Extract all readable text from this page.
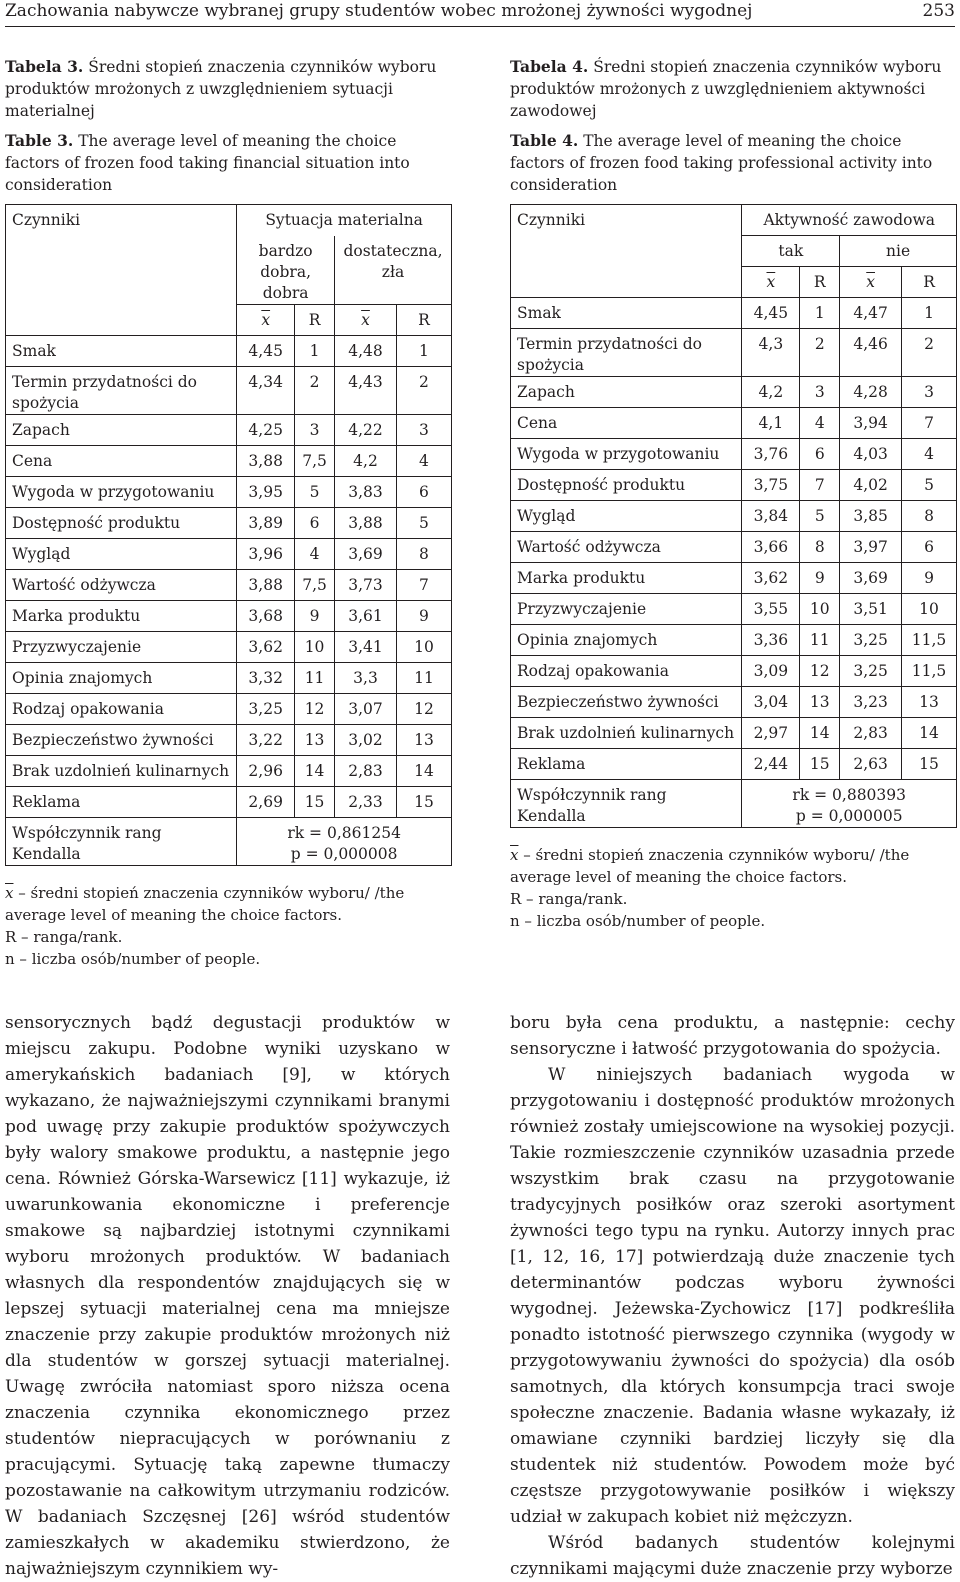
Zachowania nabywcze wybranej grupy studentów wobec mrożonej żywności wygodnej	253

Tabela 3. Średni stopień znaczenia czynników wyboru produktów mrożonych z uwzględnieniem sytuacji materialnej

Table 3. The average level of meaning the choice factors of frozen food taking financial situation into consideration

Czynniki	Sytuacja materialna			
	bardzo dobra, dobra		dostateczna, zła	
	$\overline{x}$	R	$\overline{x}$	R
Smak	4,45	1	4,48	1
Termin przydatności do spożycia	4,34	2	4,43	2
Zapach	4,25	3	4,22	3
Cena	3,88	7,5	4,2	4
Wygoda w przygotowaniu	3,95	5	3,83	6
Dostępność produktu	3,89	6	3,88	5
Wygląd	3,96	4	3,69	8
Wartość odżywcza	3,88	7,5	3,73	7
Marka produktu	3,68	9	3,61	9
Przyzwyczajenie	3,62	10	3,41	10
Opinia znajomych	3,32	11	3,3	11
Rodzaj opakowania	3,25	12	3,07	12
Bezpieczeństwo żywności	3,22	13	3,02	13
Brak uzdolnień kulinarnych	2,96	14	2,83	14
Reklama	2,69	15	2,33	15
Współczynnik rang Kendalla	rk = 0,861254
p = 0,000008			
$\overline{x}$ – średni stopień znaczenia czynników wyboru/ /the average level of meaning the choice factors.
R – ranga/rank.
n – liczba osób/number of people.

Tabela 4. Średni stopień znaczenia czynników wyboru produktów mrożonych z uwzględnieniem aktywności zawodowej

Table 4. The average level of meaning the choice factors of frozen food taking professional activity into consideration

Czynniki	Aktywność zawodowa			
	tak		nie	
	$\overline{x}$	R	$\overline{x}$	R
Smak	4,45	1	4,47	1
Termin przydatności do spożycia	4,3	2	4,46	2
Zapach	4,2	3	4,28	3
Cena	4,1	4	3,94	7
Wygoda w przygotowaniu	3,76	6	4,03	4
Dostępność produktu	3,75	7	4,02	5
Wygląd	3,84	5	3,85	8
Wartość odżywcza	3,66	8	3,97	6
Marka produktu	3,62	9	3,69	9
Przyzwyczajenie	3,55	10	3,51	10
Opinia znajomych	3,36	11	3,25	11,5
Rodzaj opakowania	3,09	12	3,25	11,5
Bezpieczeństwo żywności	3,04	13	3,23	13
Brak uzdolnień kulinarnych	2,97	14	2,83	14
Reklama	2,44	15	2,63	15
Współczynnik rang Kendalla	rk = 0,880393
p = 0,000005			
$\overline{x}$ – średni stopień znaczenia czynników wyboru/ /the average level of meaning the choice factors.
R – ranga/rank.
n – liczba osób/number of people.

sensorycznych bądź degustacji produktów w miejscu zakupu. Podobne wyniki uzyskano w amerykańskich badaniach [9], w których wykazano, że najważniejszymi czynnikami branymi pod uwagę przy zakupie produktów spożywczych były walory smakowe produktu, a następnie jego cena. Również Górska-Warsewicz [11] wykazuje, iż uwarunkowania ekonomiczne i preferencje smakowe są najbardziej istotnymi czynnikami wyboru mrożonych produktów. W badaniach własnych dla respondentów znajdujących się w lepszej sytuacji materialnej cena ma mniejsze znaczenie przy zakupie produktów mrożonych niż dla studentów w gorszej sytuacji materialnej. Uwagę zwróciła natomiast sporo niższa ocena znaczenia czynnika ekonomicznego przez studentów niepracujących w porównaniu z pracującymi. Sytuację taką zapewne tłumaczy pozostawanie na całkowitym utrzymaniu rodziców. W badaniach Szczęsnej [26] wśród studentów zamieszkałych w akademiku stwierdzono, że najważniejszym czynnikiem wy-

boru była cena produktu, a następnie: cechy sensoryczne i łatwość przygotowania do spożycia.

W niniejszych badaniach wygoda w przygotowaniu i dostępność produktów mrożonych również zostały umiejscowione na wysokiej pozycji. Takie rozmieszczenie czynników uzasadnia przede wszystkim brak czasu na przygotowanie tradycyjnych posiłków oraz szeroki asortyment żywności tego typu na rynku. Autorzy innych prac [1, 12, 16, 17] potwierdzają duże znaczenie tych determinantów podczas wyboru żywności wygodnej. Jeżewska-Zychowicz [17] podkreśliła ponadto istotność pierwszego czynnika (wygody w przygotowywaniu żywności do spożycia) dla osób samotnych, dla których konsumpcja traci swoje społeczne znaczenie. Badania własne wykazały, iż omawiane czynniki bardziej liczyły się dla studentek niż studentów. Powodem może być częstsze przygotowywanie posiłków i większy udział w zakupach kobiet niż mężczyzn.

Wśród badanych studentów kolejnymi czynnikami mającymi duże znaczenie przy wyborze
